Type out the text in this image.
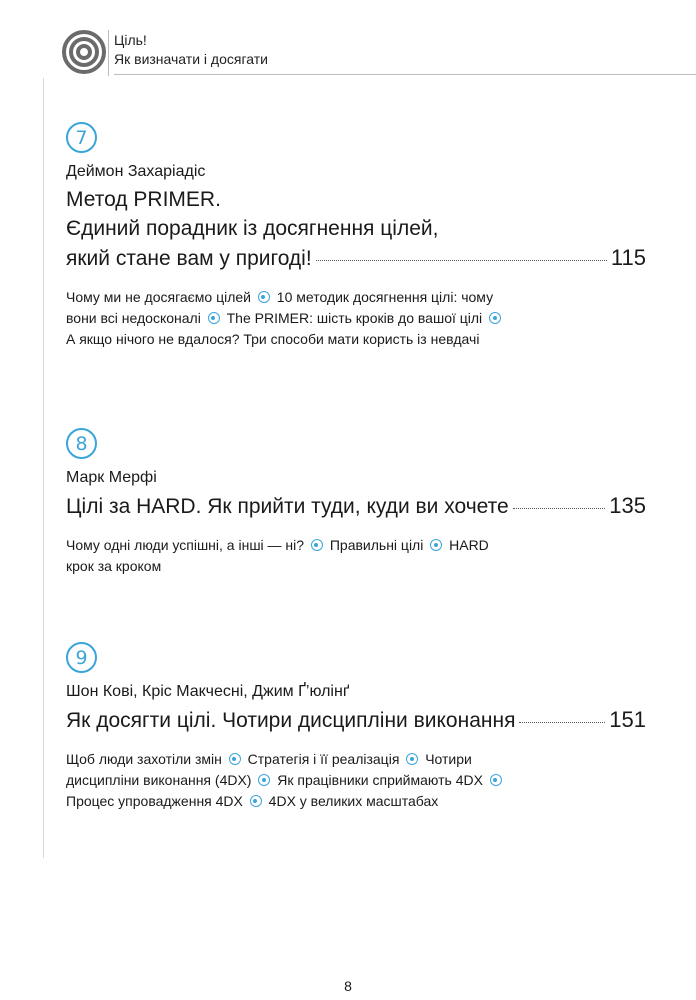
Ціль!
Як визначати і досягати
7
Деймон Захаріадіс
Метод PRIMER.
Єдиний порадник із досягнення цілей,
який стане вам у пригоді!	115
Чому ми не досягаємо цілей 10 методик досягнення цілі: чому вони всі недосконалі The PRIMER: шість кроків до вашої цілі  А якщо нічого не вдалося? Три способи мати користь із невдачі
8
Марк Мерфі
Цілі за HARD. Як прийти туди, куди ви хочете	135
Чому одні люди успішні, а інші — ні? Правильні цілі HARD крок за кроком
9
Шон Кові, Кріс Макчеснi, Джим Ґ’юлінґ
Як досягти цілі. Чотири дисципліни виконання	151
Щоб люди захотіли змін Стратегія і її реалізація Чотири дисципліни виконання (4DX) Як працівники сприймають 4DX  Процес упровадження 4DX 4DX у великих масштабах
8
